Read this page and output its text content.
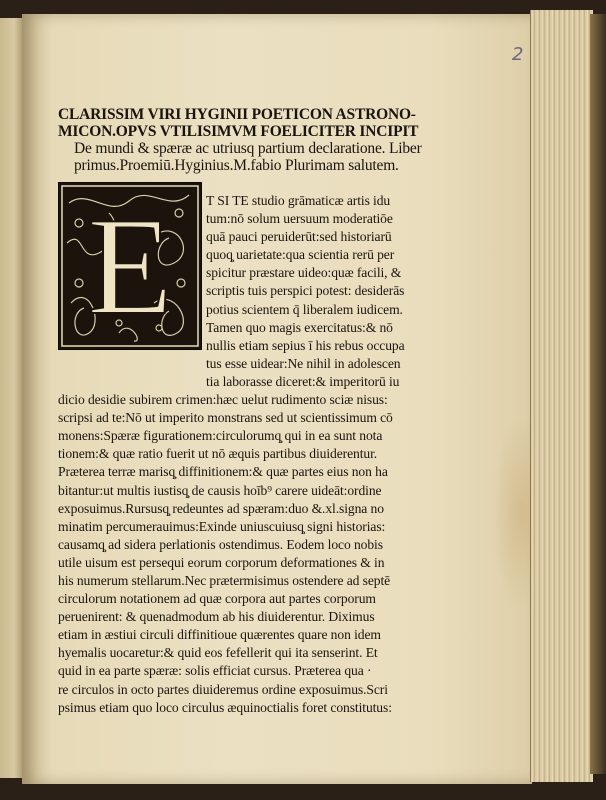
2
CLARISSIM VIRI HYGINII POETICON ASTRONO-
MICON.OPVS VTILISIMVM FOELICITER INCIPIT
De mundi & spæræ ac utriusq partium declaratione. Liber
primus.Proemiū.Hyginius.M.fabio Plurimam salutem.
E T SI TE studio grāmaticæ artis idu
tum:nō solum uersuum moderatiōe
quā pauci peruiderūt:sed historiarū
quoq̧ uarietate:qua scientia rerū per
spicitur præstare uideo:quæ facili, &
scriptis tuis perspici potest: desiderās
potius scientem q̄ liberalem iudicem.
Tamen quo magis exercitatus:& nō
nullis etiam sepius ī his rebus occupa
tus esse uidear:Ne nihil in adolescen
tia laborasse diceret:& imperitorū iu
dicio desidie subirem crimen:hæc uelut rudimento sciæ nisus:
scripsi ad te:Nō ut imperito monstrans sed ut scientissimum cō
monens:Spæræ figurationem:circulorumq̧ qui in ea sunt nota
tionem:& quæ ratio fuerit ut nō æquis partibus diuiderentur.
Præterea terræ marisq̧ diffinitionem:& quæ partes eius non ha
bitantur:ut multis iustisq̧ de causis hoīb⁹ carere uideāt:ordine
exposuimus.Rursusq̧ redeuntes ad spæram:duo &.xl.signa no
minatim percumerauimus:Exinde uniuscuiusq̧ signi historias:
causamq̧ ad sidera perlationis ostendimus. Eodem loco nobis
utile uisum est persequi eorum corporum deformationes & in
his numerum stellarum.Nec prætermisimus ostendere ad septē
circulorum notationem ad quæ corpora aut partes corporum
peruenirent: & quenadmodum ab his diuiderentur. Diximus
etiam in æstiui circuli diffinitioue quærentes quare non idem
hyemalis uocaretur:& quid eos fefellerit qui ita senserint. Et
quid in ea parte spæræ: solis efficiat cursus. Præterea qua ·
re circulos in octo partes diuideremus ordine exposuimus.Scri
psimus etiam quo loco circulus æquinoctialis foret constitutus:
